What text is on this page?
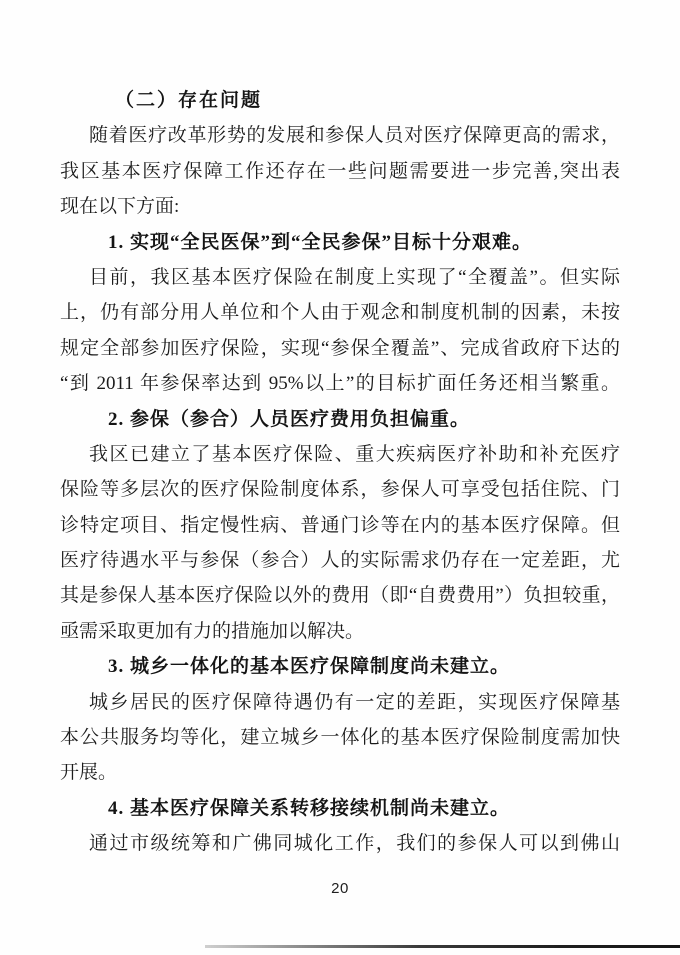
（二）存在问题
随着医疗改革形势的发展和参保人员对医疗保障更高的需求，
我区基本医疗保障工作还存在一些问题需要进一步完善,突出表
现在以下方面:
1. 实现“全民医保”到“全民参保”目标十分艰难。
目前，我区基本医疗保险在制度上实现了“全覆盖”。但实际
上，仍有部分用人单位和个人由于观念和制度机制的因素，未按
规定全部参加医疗保险，实现“参保全覆盖”、完成省政府下达的
“到 2011 年参保率达到 95%以上”的目标扩面任务还相当繁重。
2. 参保（参合）人员医疗费用负担偏重。
我区已建立了基本医疗保险、重大疾病医疗补助和补充医疗
保险等多层次的医疗保险制度体系，参保人可享受包括住院、门
诊特定项目、指定慢性病、普通门诊等在内的基本医疗保障。但
医疗待遇水平与参保（参合）人的实际需求仍存在一定差距，尤
其是参保人基本医疗保险以外的费用（即“自费费用”）负担较重，
亟需采取更加有力的措施加以解决。
3. 城乡一体化的基本医疗保障制度尚未建立。
城乡居民的医疗保障待遇仍有一定的差距，实现医疗保障基
本公共服务均等化，建立城乡一体化的基本医疗保险制度需加快
开展。
4. 基本医疗保障关系转移接续机制尚未建立。
通过市级统筹和广佛同城化工作，我们的参保人可以到佛山
20
